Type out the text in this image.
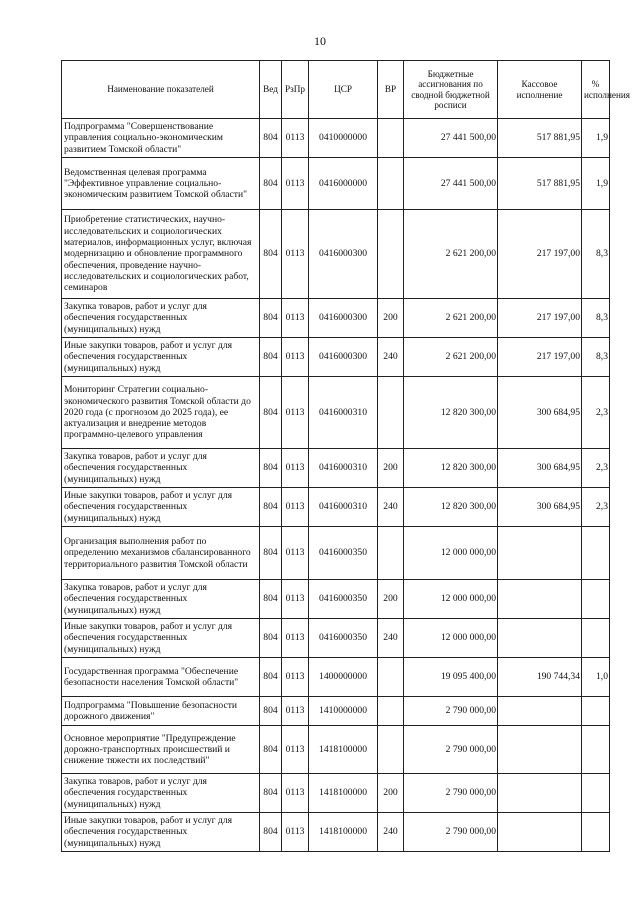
10
Наименование показателей	Вед	РзПр	ЦСР	ВР	Бюджетные ассигнования по сводной бюджетной росписи	Кассовое исполнение	% исполнения
Подпрограмма "Совершенствование управления социально-экономическим развитием Томской области"	804	0113	0410000000		27 441 500,00	517 881,95	1,9
Ведомственная целевая программа "Эффективное управление социально-экономическим развитием Томской области"	804	0113	0416000000		27 441 500,00	517 881,95	1,9
Приобретение статистических, научно-исследовательских и социологических материалов, информационных услуг, включая модернизацию и обновление программного обеспечения, проведение научно-исследовательских и социологических работ, семинаров	804	0113	0416000300		2 621 200,00	217 197,00	8,3
Закупка товаров, работ и услуг для обеспечения государственных (муниципальных) нужд	804	0113	0416000300	200	2 621 200,00	217 197,00	8,3
Иные закупки товаров, работ и услуг для обеспечения государственных (муниципальных) нужд	804	0113	0416000300	240	2 621 200,00	217 197,00	8,3
Мониторинг Стратегии социально-экономического развития Томской области до 2020 года (с прогнозом до 2025 года), ее актуализация и внедрение методов программно-целевого управления	804	0113	0416000310		12 820 300,00	300 684,95	2,3
Закупка товаров, работ и услуг для обеспечения государственных (муниципальных) нужд	804	0113	0416000310	200	12 820 300,00	300 684,95	2,3
Иные закупки товаров, работ и услуг для обеспечения государственных (муниципальных) нужд	804	0113	0416000310	240	12 820 300,00	300 684,95	2,3
Организация выполнения работ по определению механизмов сбалансированного территориального развития Томской области	804	0113	0416000350		12 000 000,00		
Закупка товаров, работ и услуг для обеспечения государственных (муниципальных) нужд	804	0113	0416000350	200	12 000 000,00		
Иные закупки товаров, работ и услуг для обеспечения государственных (муниципальных) нужд	804	0113	0416000350	240	12 000 000,00		
Государственная программа "Обеспечение безопасности населения Томской области"	804	0113	1400000000		19 095 400,00	190 744,34	1,0
Подпрограмма "Повышение безопасности дорожного движения"	804	0113	1410000000		2 790 000,00		
Основное мероприятие "Предупреждение дорожно-транспортных происшествий и снижение тяжести их последствий"	804	0113	1418100000		2 790 000,00		
Закупка товаров, работ и услуг для обеспечения государственных (муниципальных) нужд	804	0113	1418100000	200	2 790 000,00		
Иные закупки товаров, работ и услуг для обеспечения государственных (муниципальных) нужд	804	0113	1418100000	240	2 790 000,00		
